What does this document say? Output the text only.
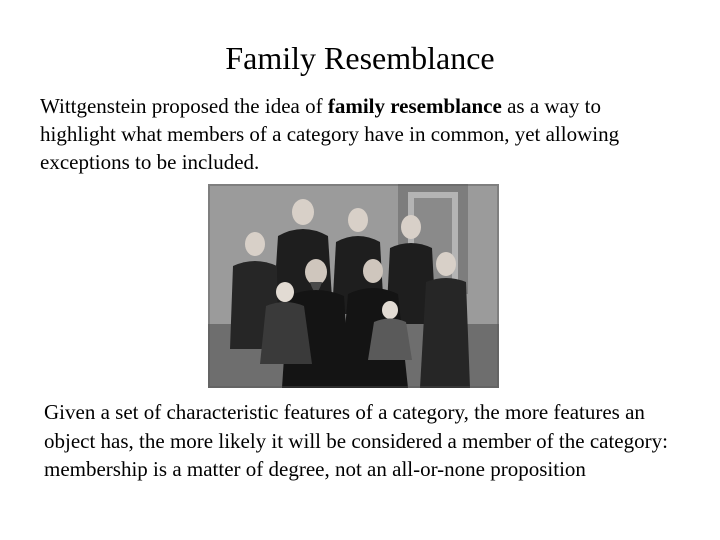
Family Resemblance

Wittgenstein proposed the idea of family resemblance as a way to highlight what members of a category have in common, yet allowing exceptions to be included.

Given a set of characteristic features of a category, the more features an object has, the more likely it will be considered a member of the category: membership is a matter of degree, not an all-or-none proposition
